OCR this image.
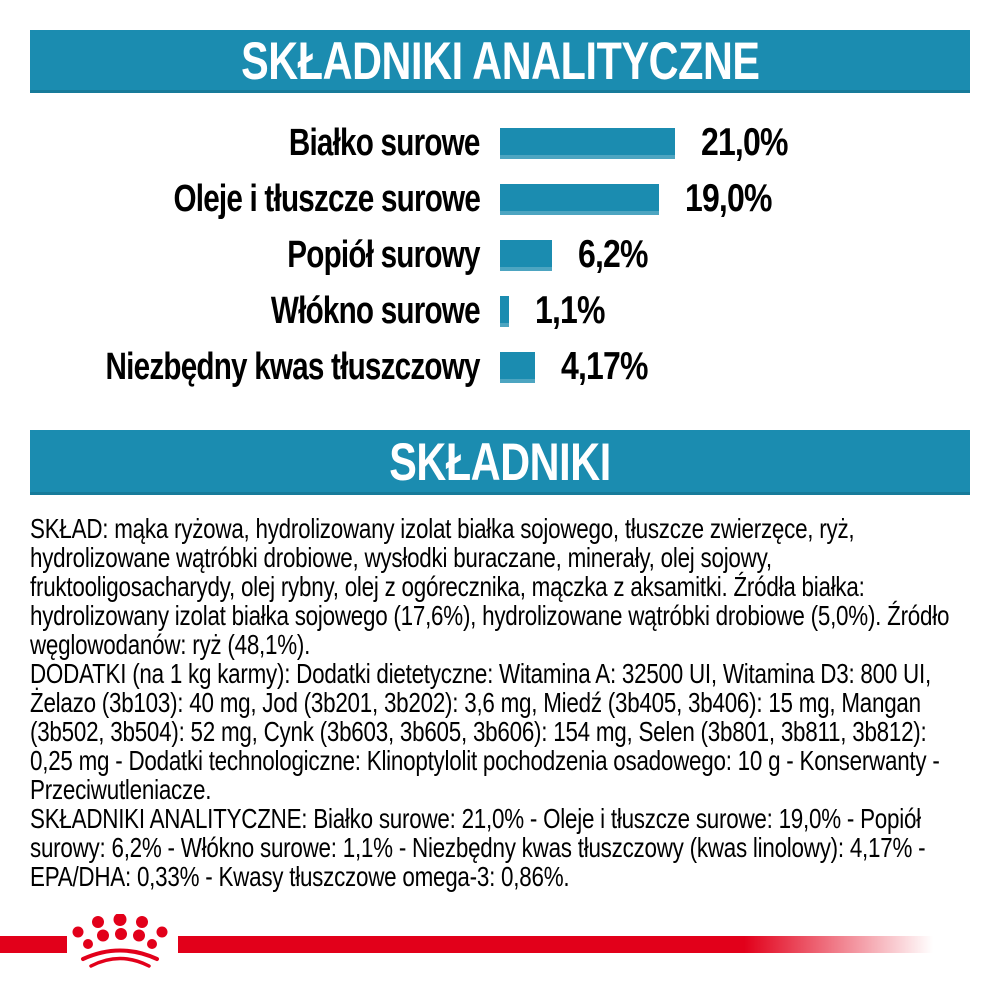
SKŁADNIKI ANALITYCZNE
Białko surowe	21,0%
Oleje i tłuszcze surowe	19,0%
Popiół surowy	6,2%
Włókno surowe 1,1%
Niezbędny kwas tłuszczowy 4,17%
SKŁADNIKI

SKŁAD: mąka ryżowa, hydrolizowany izolat białka sojowego, tłuszcze zwierzęce, ryż, hydrolizowane wątróbki drobiowe, wysłodki buraczane, minerały, olej sojowy, fruktooligosacharydy, olej rybny, olej z ogórecznika, mączka z aksamitki. Źródła białka: hydrolizowany izolat białka sojowego (17,6%), hydrolizowane wątróbki drobiowe (5,0%). Źródło węglowodanów: ryż (48,1%).

DODATKI (na 1 kg karmy): Dodatki dietetyczne: Witamina A: 32500 UI, Witamina D3: 800 UI, Żelazo (3b103): 40 mg, Jod (3b201, 3b202): 3,6 mg, Miedź (3b405, 3b406): 15 mg, Mangan (3b502, 3b504): 52 mg, Cynk (3b603, 3b605, 3b606): 154 mg, Selen (3b801, 3b811, 3b812): 0,25 mg - Dodatki technologiczne: Klinoptylolit pochodzenia osadowego: 10 g - Konserwanty - Przeciwutleniacze.

SKŁADNIKI ANALITYCZNE: Białko surowe: 21,0% - Oleje i tłuszcze surowe: 19,0% - Popiół surowy: 6,2% - Włókno surowe: 1,1% - Niezbędny kwas tłuszczowy (kwas linolowy): 4,17% - EPA/DHA: 0,33% - Kwasy tłuszczowe omega-3: 0,86%.
